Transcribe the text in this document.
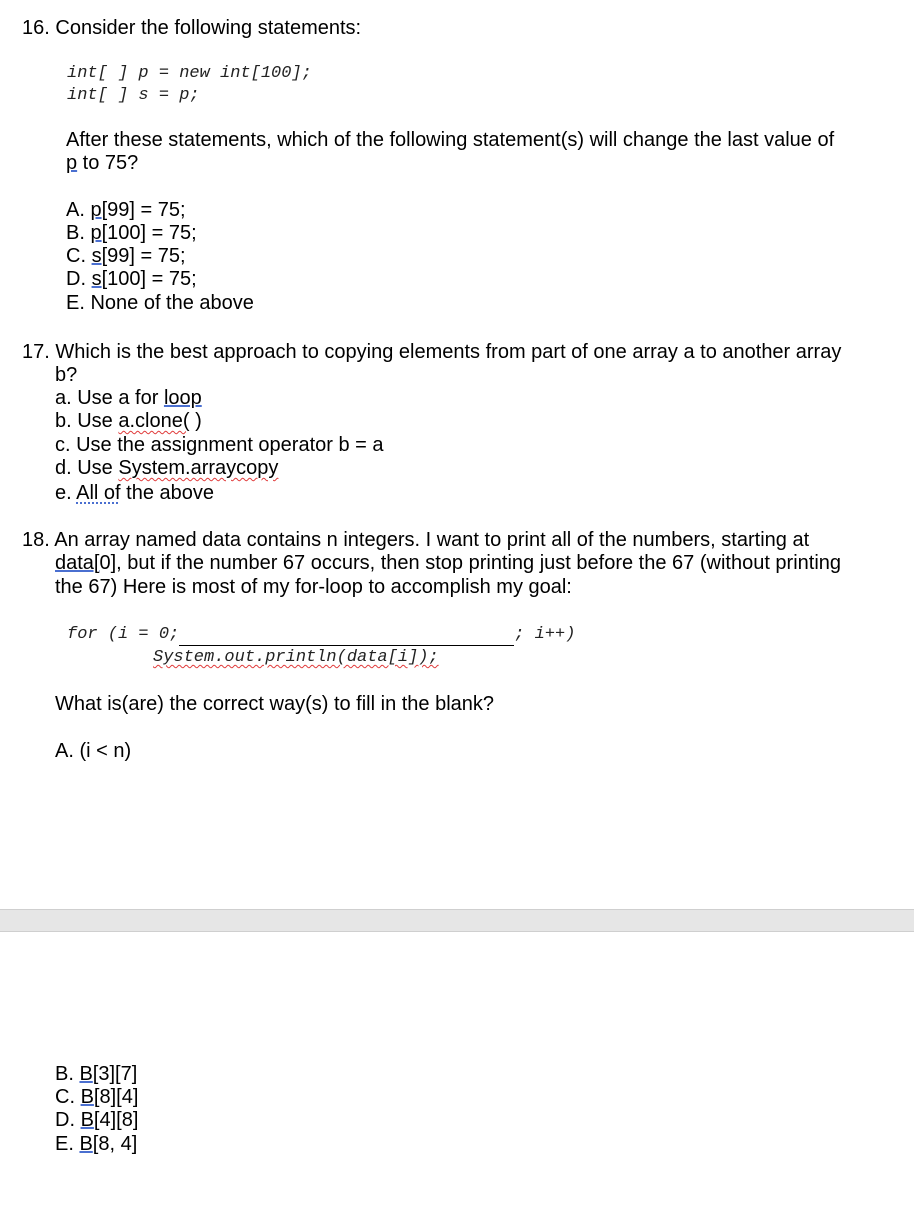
16. Consider the following statements:
int[ ] p = new int[100];
int[ ] s = p;
After these statements, which of the following statement(s) will change the last value of
p to 75?
A. p[99] = 75;
B. p[100] = 75;
C. s[99] = 75;
D. s[100] = 75;
E. None of the above
17. Which is the best approach to copying elements from part of one array a to another array
b?
a. Use a for loop
b. Use a.clone( )
c. Use the assignment operator b = a
d. Use System.arraycopy
e. All of the above
18. An array named data contains n integers. I want to print all of the numbers, starting at
data[0], but if the number 67 occurs, then stop printing just before the 67 (without printing
the 67) Here is most of my for-loop to accomplish my goal:
for (i = 0;	; i++)
System.out.println(data[i]);
What is(are) the correct way(s) to fill in the blank?
A. (i < n)
B. B[3][7]
C. B[8][4]
D. B[4][8]
E. B[8, 4]
